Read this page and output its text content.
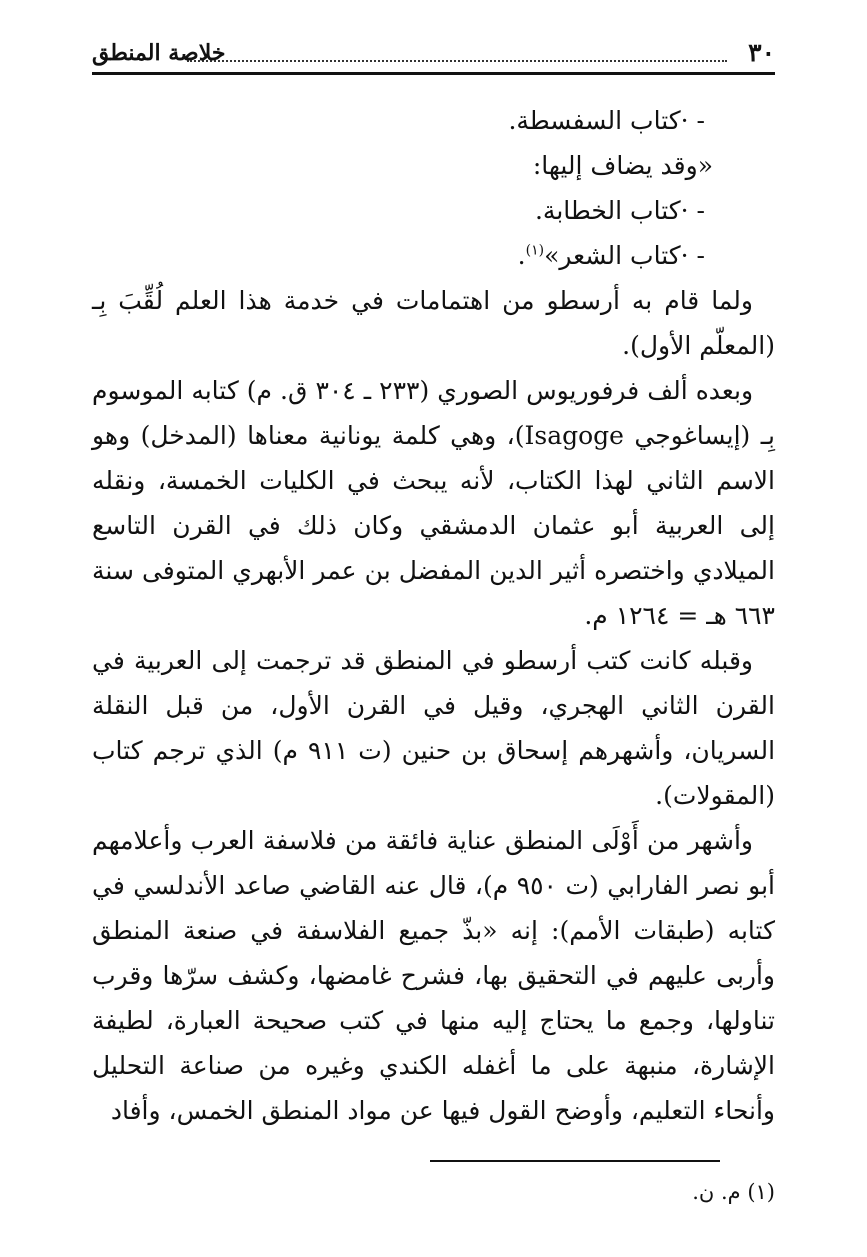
٣٠
خلاصة المنطق

- ·كتاب السفسطة.

«وقد يضاف إليها:

- ·كتاب الخطابة.

- ·كتاب الشعر»$^{(١)}$.

ولما قام به أرسطو من اهتمامات في خدمة هذا العلم لُقِّبَ بِـ (المعلّم الأول).

وبعده ألف فرفوريوس الصوري (٢٣٣ ـ ٣٠٤ ق. م) كتابه الموسوم بِـ (إيساغوجي Isagoge)، وهي كلمة يونانية معناها (المدخل) وهو الاسم الثاني لهذا الكتاب، لأنه يبحث في الكليات الخمسة، ونقله إلى العربية أبو عثمان الدمشقي وكان ذلك في القرن التاسع الميلادي واختصره أثير الدين المفضل بن عمر الأبهري المتوفى سنة ٦٦٣ هـ = ١٢٦٤ م.

وقبله كانت كتب أرسطو في المنطق قد ترجمت إلى العربية في القرن الثاني الهجري، وقيل في القرن الأول، من قبل النقلة السريان، وأشهرهم إسحاق بن حنين (ت ٩١١ م) الذي ترجم كتاب (المقولات).

وأشهر من أَوْلَى المنطق عناية فائقة من فلاسفة العرب وأعلامهم أبو نصر الفارابي (ت ٩٥٠ م)، قال عنه القاضي صاعد الأندلسي في كتابه (طبقات الأمم): إنه «بذّ جميع الفلاسفة في صنعة المنطق وأربى عليهم في التحقيق بها، فشرح غامضها، وكشف سرّها وقرب تناولها، وجمع ما يحتاج إليه منها في كتب صحيحة العبارة، لطيفة الإشارة، منبهة على ما أغفله الكندي وغيره من صناعة التحليل وأنحاء التعليم، وأوضح القول فيها عن مواد المنطق الخمس، وأفاد

(١) م. ن.
